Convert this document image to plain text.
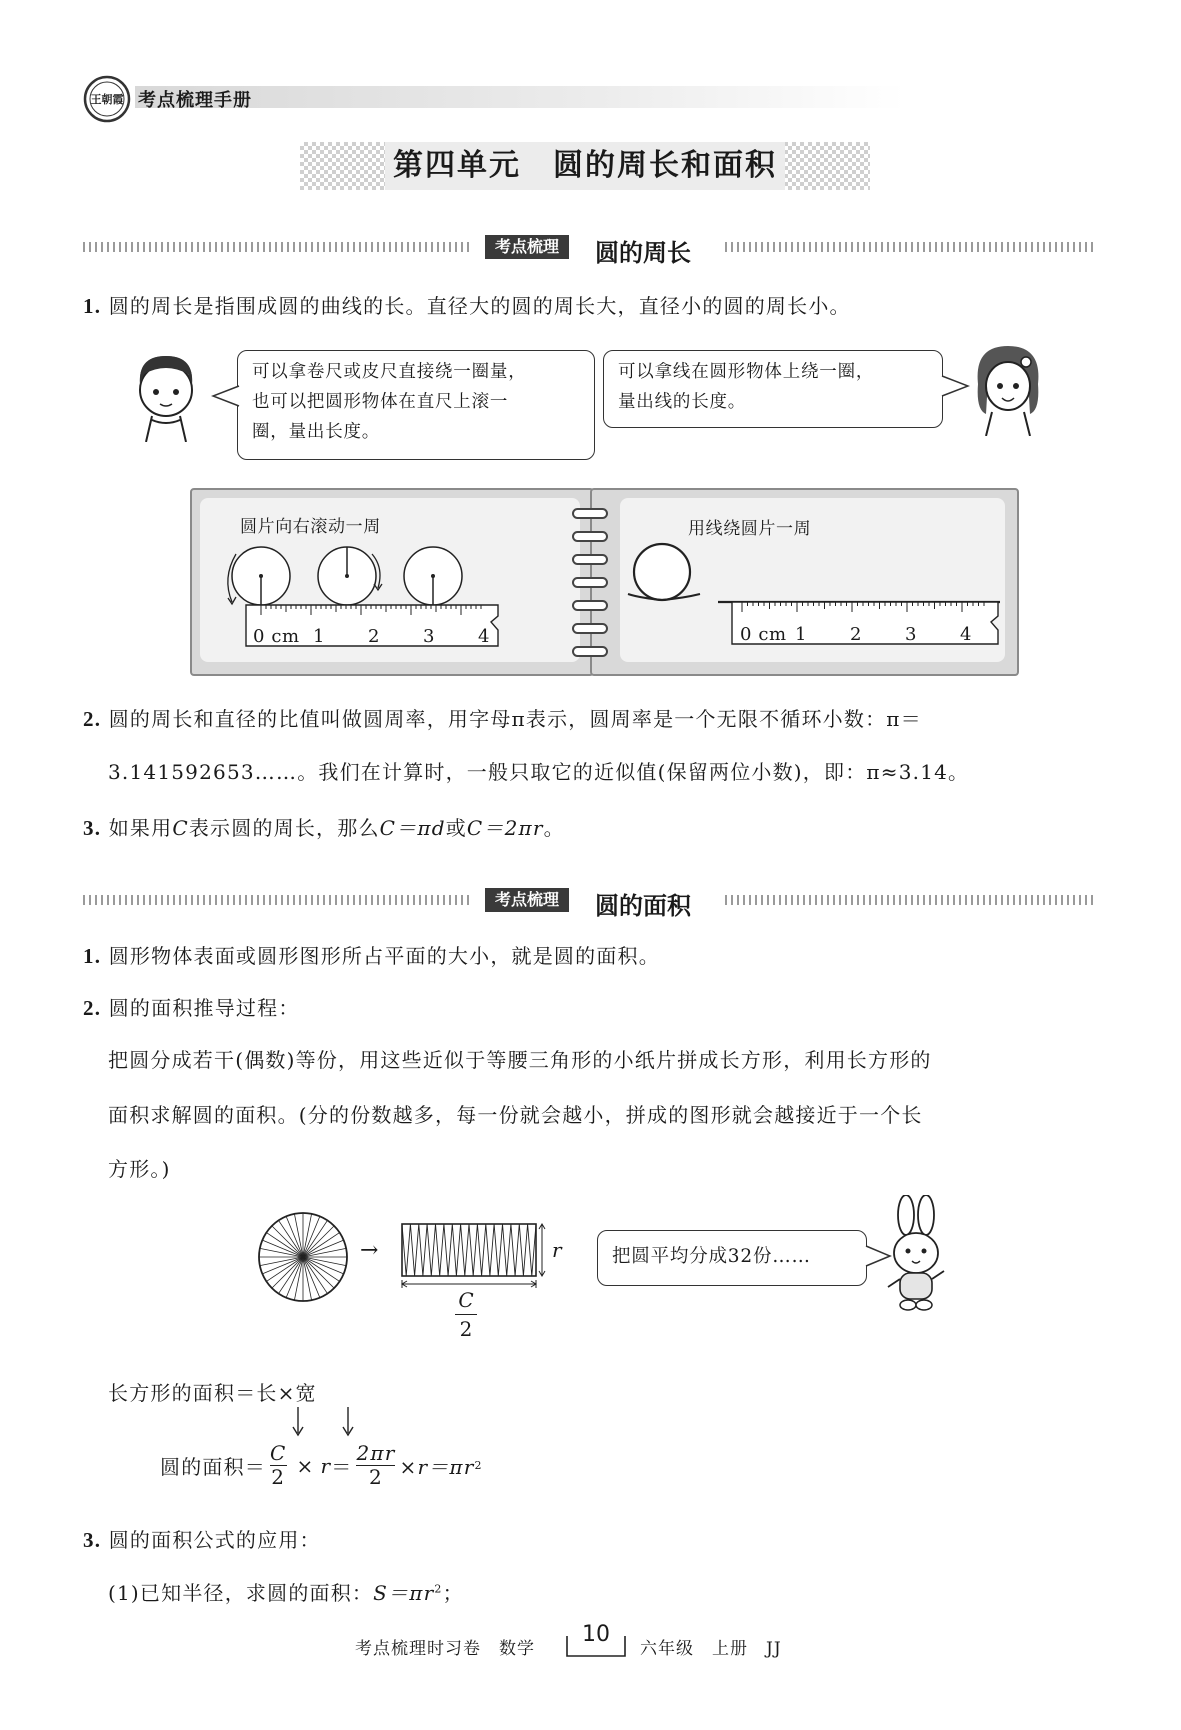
王朝霞 考点梳理手册
第四单元　圆的周长和面积
考点梳理	圆的周长
1. 圆的周长是指围成圆的曲线的长。直径大的圆的周长大，直径小的圆的周长小。
可以拿卷尺或皮尺直接绕一圈量，
也可以把圆形物体在直尺上滚一
圈，量出长度。
可以拿线在圆形物体上绕一圈，
量出线的长度。
圆片向右滚动一周	用线绕圆片一周
0 cm 1 2 3 4	0 cm 1 2 3 4
2. 圆的周长和直径的比值叫做圆周率，用字母π表示，圆周率是一个无限不循环小数：π＝
3.141592653……。我们在计算时，一般只取它的近似值(保留两位小数)，即：π≈3.14。
3. 如果用C表示圆的周长，那么C＝πd或C＝2πr。
考点梳理	圆的面积
1. 圆形物体表面或圆形图形所占平面的大小，就是圆的面积。
2. 圆的面积推导过程：
把圆分成若干(偶数)等份，用这些近似于等腰三角形的小纸片拼成长方形，利用长方形的
面积求解圆的面积。(分的份数越多，每一份就会越小，拼成的图形就会越接近于一个长
方形。)
→	r
C
2
把圆平均分成32份……
长方形的面积＝长×宽
圆的面积＝ $\frac{C}{2} \times r = \frac{2\pi r}{2} \times r=\pi r$ 2
3. 圆的面积公式的应用：
(1)已知半径，求圆的面积：$S=\pi r^2$；
考点梳理时习卷　数学
10
六年级　上册　JJ
